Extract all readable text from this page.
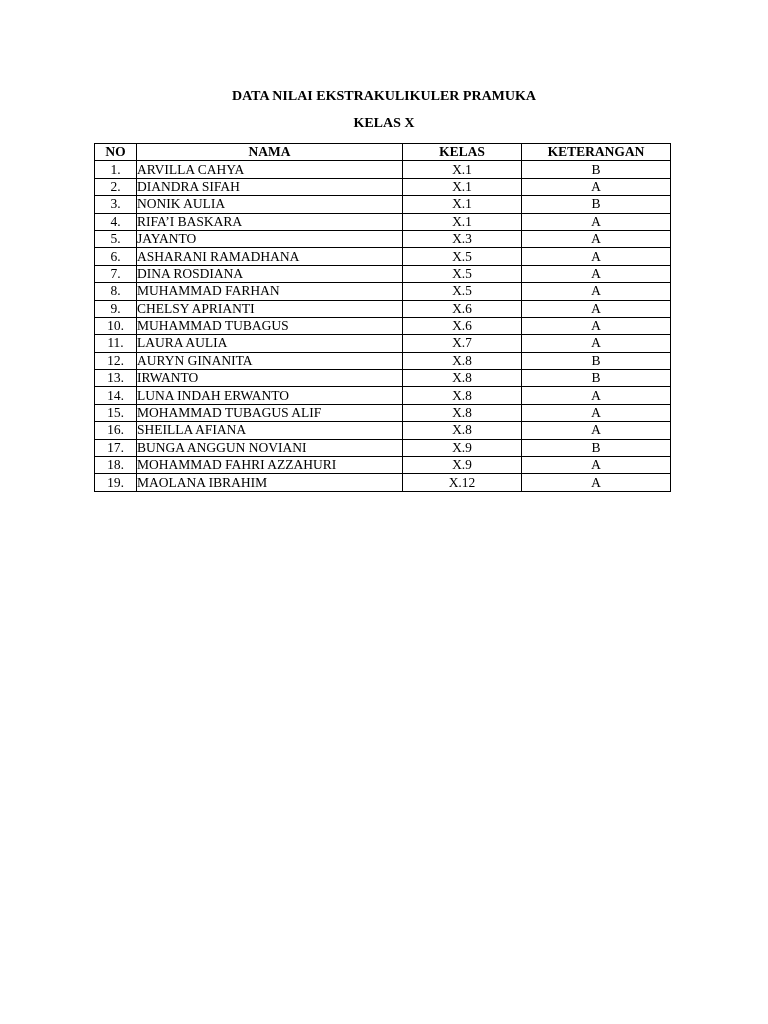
DATA NILAI EKSTRAKULIKULER PRAMUKA
KELAS X
NO	NAMA	KELAS	KETERANGAN
1.	ARVILLA CAHYA	X.1	B
2.	DIANDRA SIFAH	X.1	A
3.	NONIK AULIA	X.1	B
4.	RIFA’I BASKARA	X.1	A
5.	JAYANTO	X.3	A
6.	ASHARANI RAMADHANA	X.5	A
7.	DINA ROSDIANA	X.5	A
8.	MUHAMMAD FARHAN	X.5	A
9.	CHELSY APRIANTI	X.6	A
10.	MUHAMMAD TUBAGUS	X.6	A
11.	LAURA AULIA	X.7	A
12.	AURYN GINANITA	X.8	B
13.	IRWANTO	X.8	B
14.	LUNA INDAH ERWANTO	X.8	A
15.	MOHAMMAD TUBAGUS ALIF	X.8	A
16.	SHEILLA AFIANA	X.8	A
17.	BUNGA ANGGUN NOVIANI	X.9	B
18.	MOHAMMAD FAHRI AZZAHURI	X.9	A
19.	MAOLANA IBRAHIM	X.12	A
